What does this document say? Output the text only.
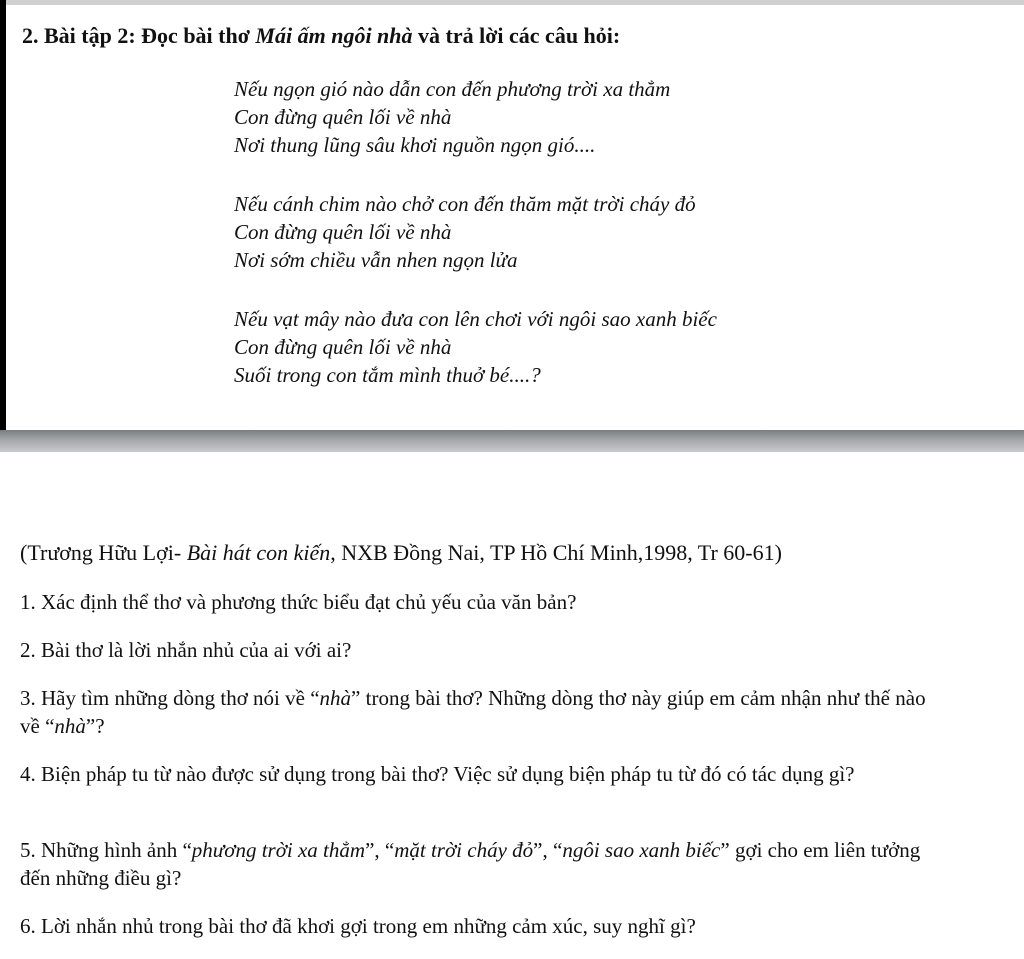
2. Bài tập 2: Đọc bài thơ Mái ấm ngôi nhà và trả lời các câu hỏi:
Nếu ngọn gió nào dẫn con đến phương trời xa thẳm
Con đừng quên lối về nhà
Nơi thung lũng sâu khơi nguồn ngọn gió....
Nếu cánh chim nào chở con đến thăm mặt trời cháy đỏ
Con đừng quên lối về nhà
Nơi sớm chiều vẫn nhen ngọn lửa
Nếu vạt mây nào đưa con lên chơi với ngôi sao xanh biếc
Con đừng quên lối về nhà
Suối trong con tắm mình thuở bé....?
(Trương Hữu Lợi- Bài hát con kiến, NXB Đồng Nai, TP Hồ Chí Minh,1998, Tr 60-61)
1. Xác định thể thơ và phương thức biểu đạt chủ yếu của văn bản?
2. Bài thơ là lời nhắn nhủ của ai với ai?
3. Hãy tìm những dòng thơ nói về “nhà” trong bài thơ? Những dòng thơ này giúp em cảm nhận như thế nào về “nhà”?
4. Biện pháp tu từ nào được sử dụng trong bài thơ? Việc sử dụng biện pháp tu từ đó có tác dụng gì?
5. Những hình ảnh “phương trời xa thẳm”, “mặt trời cháy đỏ”, “ngôi sao xanh biếc” gợi cho em liên tưởng đến những điều gì?
6. Lời nhắn nhủ trong bài thơ đã khơi gợi trong em những cảm xúc, suy nghĩ gì?
